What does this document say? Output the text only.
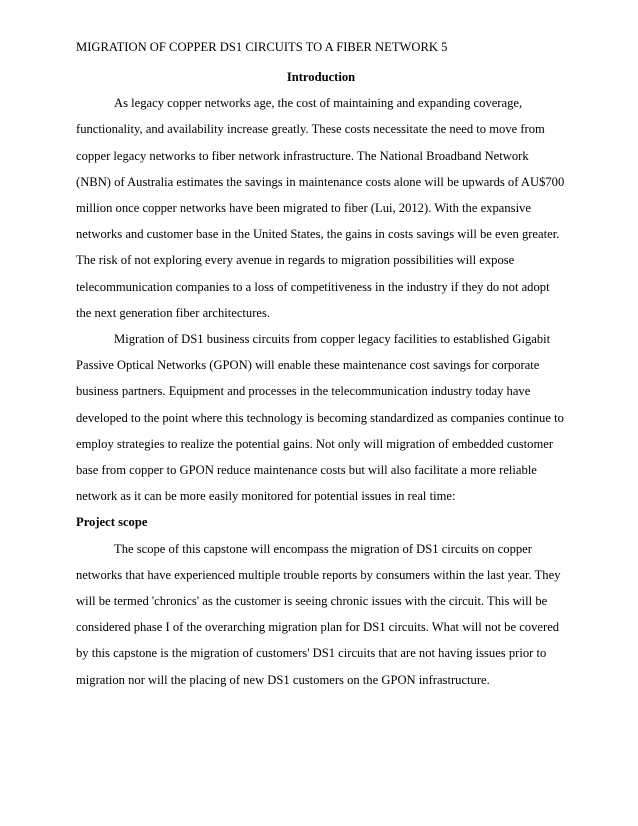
MIGRATION OF COPPER DS1 CIRCUITS TO A FIBER NETWORK 5

Introduction

As legacy copper networks age, the cost of maintaining and expanding coverage, functionality, and availability increase greatly. These costs necessitate the need to move from copper legacy networks to fiber network infrastructure. The National Broadband Network (NBN) of Australia estimates the savings in maintenance costs alone will be upwards of AU$700 million once copper networks have been migrated to fiber (Lui, 2012). With the expansive networks and customer base in the United States, the gains in costs savings will be even greater. The risk of not exploring every avenue in regards to migration possibilities will expose telecommunication companies to a loss of competitiveness in the industry if they do not adopt the next generation fiber architectures.

Migration of DS1 business circuits from copper legacy facilities to established Gigabit Passive Optical Networks (GPON) will enable these maintenance cost savings for corporate business partners. Equipment and processes in the telecommunication industry today have developed to the point where this technology is becoming standardized as companies continue to employ strategies to realize the potential gains. Not only will migration of embedded customer base from copper to GPON reduce maintenance costs but will also facilitate a more reliable network as it can be more easily monitored for potential issues in real time:

Project scope

The scope of this capstone will encompass the migration of DS1 circuits on copper networks that have experienced multiple trouble reports by consumers within the last year. They will be termed 'chronics' as the customer is seeing chronic issues with the circuit. This will be considered phase I of the overarching migration plan for DS1 circuits. What will not be covered by this capstone is the migration of customers' DS1 circuits that are not having issues prior to migration nor will the placing of new DS1 customers on the GPON infrastructure.
